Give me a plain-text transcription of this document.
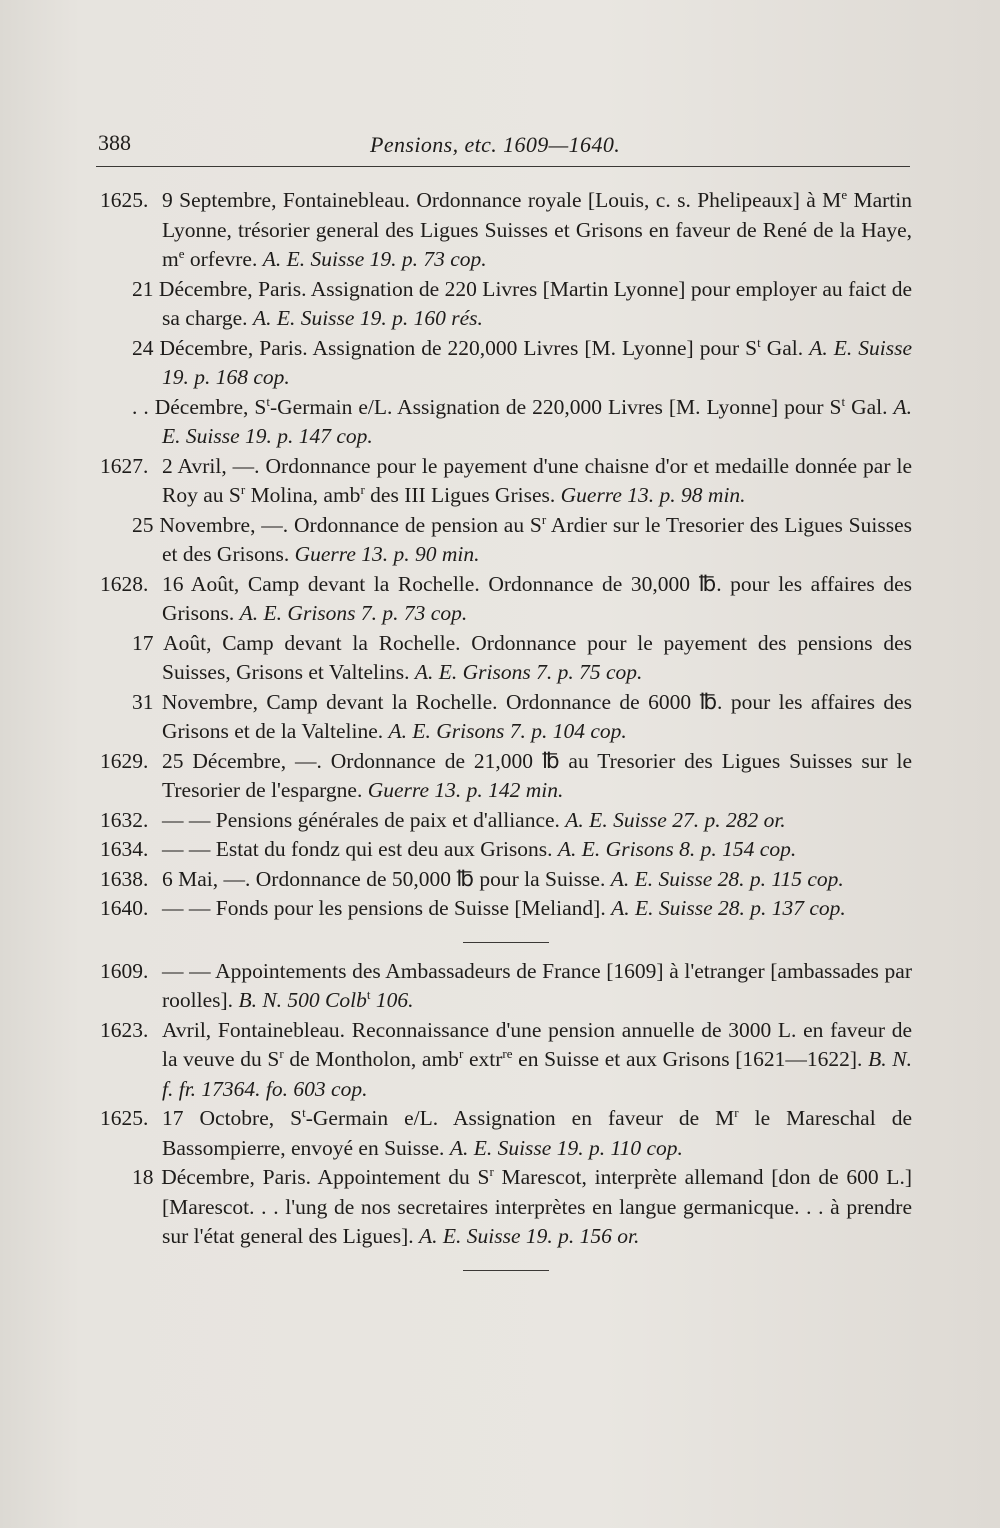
388	Pensions, etc. 1609—1640.
1625. 9 Septembre, Fontainebleau. Ordonnance royale [Louis, c. s. Phelipeaux] à Me Martin Lyonne, trésorier general des Ligues Suisses et Grisons en faveur de René de la Haye, $m^e$ orfevre. A. E. Suisse 19. p. 73 cop.
21 Décembre, Paris. Assignation de 220 Livres [Martin Lyonne] pour employer au faict de sa charge. A. E. Suisse 19. p. 160 rés.
24 Décembre, Paris. Assignation de 220,000 Livres [M. Lyonne] pour $S^t$ Gal. A. E. Suisse 19. p. 168 cop.
. . Décembre, $S^t$-Germain e/L. Assignation de 220,000 Livres [M. Lyonne] pour $S^t$ Gal. A. E. Suisse 19. p. 147 cop.
1627. 2 Avril, —. Ordonnance pour le payement d'une chaisne d'or et medaille donnée par le Roy au $S^r$ Molina, amb$^r$ des III Ligues Grises. Guerre 13. p. 98 min.
25 Novembre, —. Ordonnance de pension au $S^r$ Ardier sur le Tresorier des Ligues Suisses et des Grisons. Guerre 13. p. 90 min.
1628. 16 Août, Camp devant la Rochelle. Ordonnance de 30,000 ℔. pour les affaires des Grisons. A. E. Grisons 7. p. 73 cop.
17 Août, Camp devant la Rochelle. Ordonnance pour le payement des pensions des Suisses, Grisons et Valtelins. A. E. Grisons 7. p. 75 cop.
31 Novembre, Camp devant la Rochelle. Ordonnance de 6000 ℔. pour les affaires des Grisons et de la Valteline. A. E. Grisons 7. p. 104 cop.
1629. 25 Décembre, —. Ordonnance de 21,000 ℔ au Tresorier des Ligues Suisses sur le Tresorier de l'espargne. Guerre 13. p. 142 min.
1632. — — Pensions générales de paix et d'alliance. A. E. Suisse 27. p. 282 or.
1634. — — Estat du fondz qui est deu aux Grisons. A. E. Grisons 8. p. 154 cop.
1638. 6 Mai, —. Ordonnance de 50,000 ℔ pour la Suisse. A. E. Suisse 28. p. 115 cop.
1640. — — Fonds pour les pensions de Suisse [Meliand]. A. E. Suisse 28. p. 137 cop.
1609. — — Appointements des Ambassadeurs de France [1609] à l'etranger [ambassades par roolles]. B. N. 500 Colb$^t$ 106.
1623. Avril, Fontainebleau. Reconnaissance d'une pension annuelle de 3000 L. en faveur de la veuve du $S^r$ de Montholon, amb$^r$ extr$^{re}$ en Suisse et aux Grisons [1621—1622]. B. N. f. fr. 17364. fo. 603 cop.
1625. 17 Octobre, $S^t$-Germain e/L. Assignation en faveur de $M^r$ le Mareschal de Bassompierre, envoyé en Suisse. A. E. Suisse 19. p. 110 cop.
18 Décembre, Paris. Appointement du $S^r$ Marescot, interprète allemand [don de 600 L.] [Marescot. . . l'ung de nos secretaires interprètes en langue germanicque. . . à prendre sur l'état general des Ligues]. A. E. Suisse 19. p. 156 or.
